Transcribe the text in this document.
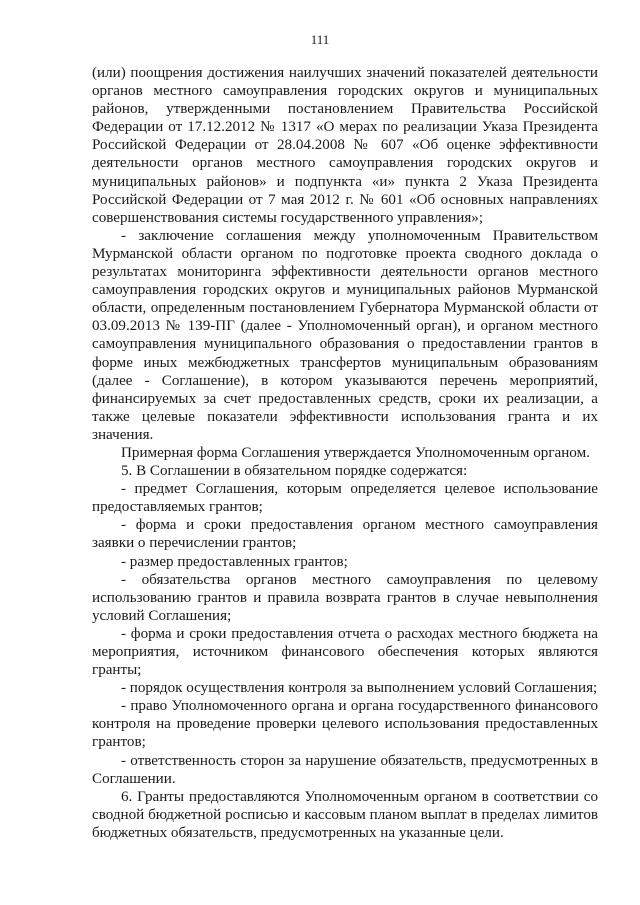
111

(или) поощрения достижения наилучших значений показателей деятельности органов местного самоуправления городских округов и муниципальных районов, утвержденными постановлением Правительства Российской Федерации от 17.12.2012 № 1317 «О мерах по реализации Указа Президента Российской Федерации от 28.04.2008 № 607 «Об оценке эффективности деятельности органов местного самоуправления городских округов и муниципальных районов» и подпункта «и» пункта 2 Указа Президента Российской Федерации от 7 мая 2012 г. № 601 «Об основных направлениях совершенствования системы государственного управления»;

- заключение соглашения между уполномоченным Правительством Мурманской области органом по подготовке проекта сводного доклада о результатах мониторинга эффективности деятельности органов местного самоуправления городских округов и муниципальных районов Мурманской области, определенным постановлением Губернатора Мурманской области от 03.09.2013 № 139-ПГ (далее - Уполномоченный орган), и органом местного самоуправления муниципального образования о предоставлении грантов в форме иных межбюджетных трансфертов муниципальным образованиям (далее - Соглашение), в котором указываются перечень мероприятий, финансируемых за счет предоставленных средств, сроки их реализации, а также целевые показатели эффективности использования гранта и их значения.

Примерная форма Соглашения утверждается Уполномоченным органом.

5. В Соглашении в обязательном порядке содержатся:

- предмет Соглашения, которым определяется целевое использование предоставляемых грантов;

- форма и сроки предоставления органом местного самоуправления заявки о перечислении грантов;

- размер предоставленных грантов;

- обязательства органов местного самоуправления по целевому использованию грантов и правила возврата грантов в случае невыполнения условий Соглашения;

- форма и сроки предоставления отчета о расходах местного бюджета на мероприятия, источником финансового обеспечения которых являются гранты;

- порядок осуществления контроля за выполнением условий Соглашения;

- право Уполномоченного органа и органа государственного финансового контроля на проведение проверки целевого использования предоставленных грантов;

- ответственность сторон за нарушение обязательств, предусмотренных в Соглашении.

6. Гранты предоставляются Уполномоченным органом в соответствии со сводной бюджетной росписью и кассовым планом выплат в пределах лимитов бюджетных обязательств, предусмотренных на указанные цели.
